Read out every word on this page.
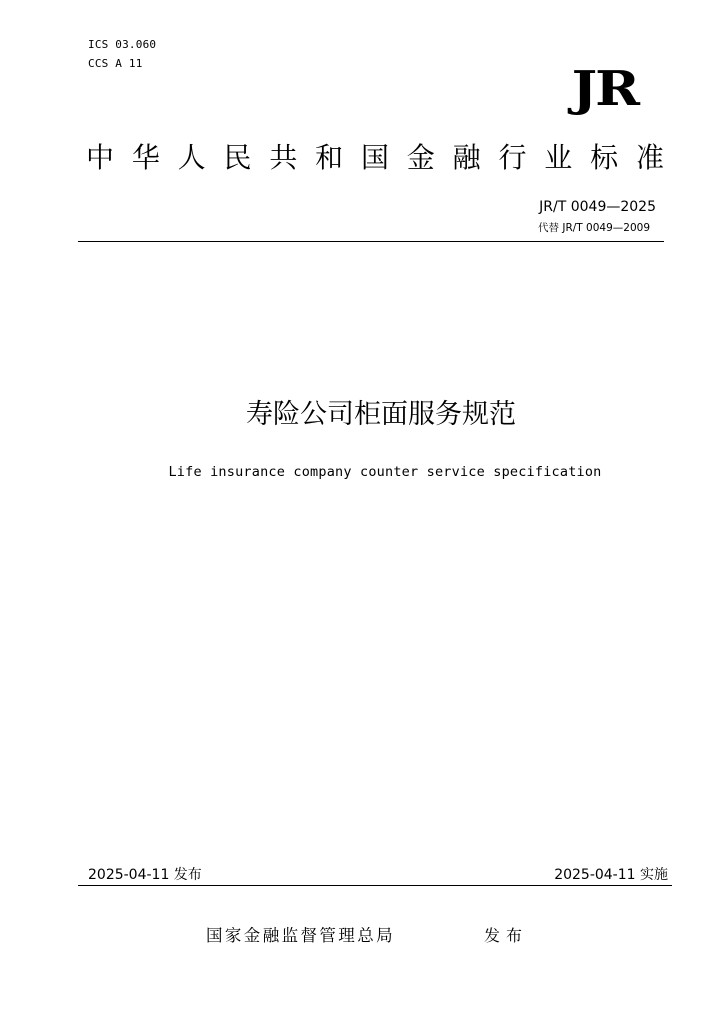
ICS 03.060
CCS A 11	JR
中 华 人 民 共 和 国 金 融 行 业 标 准
JR/T 0049—2025
代替 JR/T 0049—2009
寿险公司柜面服务规范
Life insurance company counter service specification
2025-04-11 发布	2025-04-11 实施
国家金融监督管理总局	发布
